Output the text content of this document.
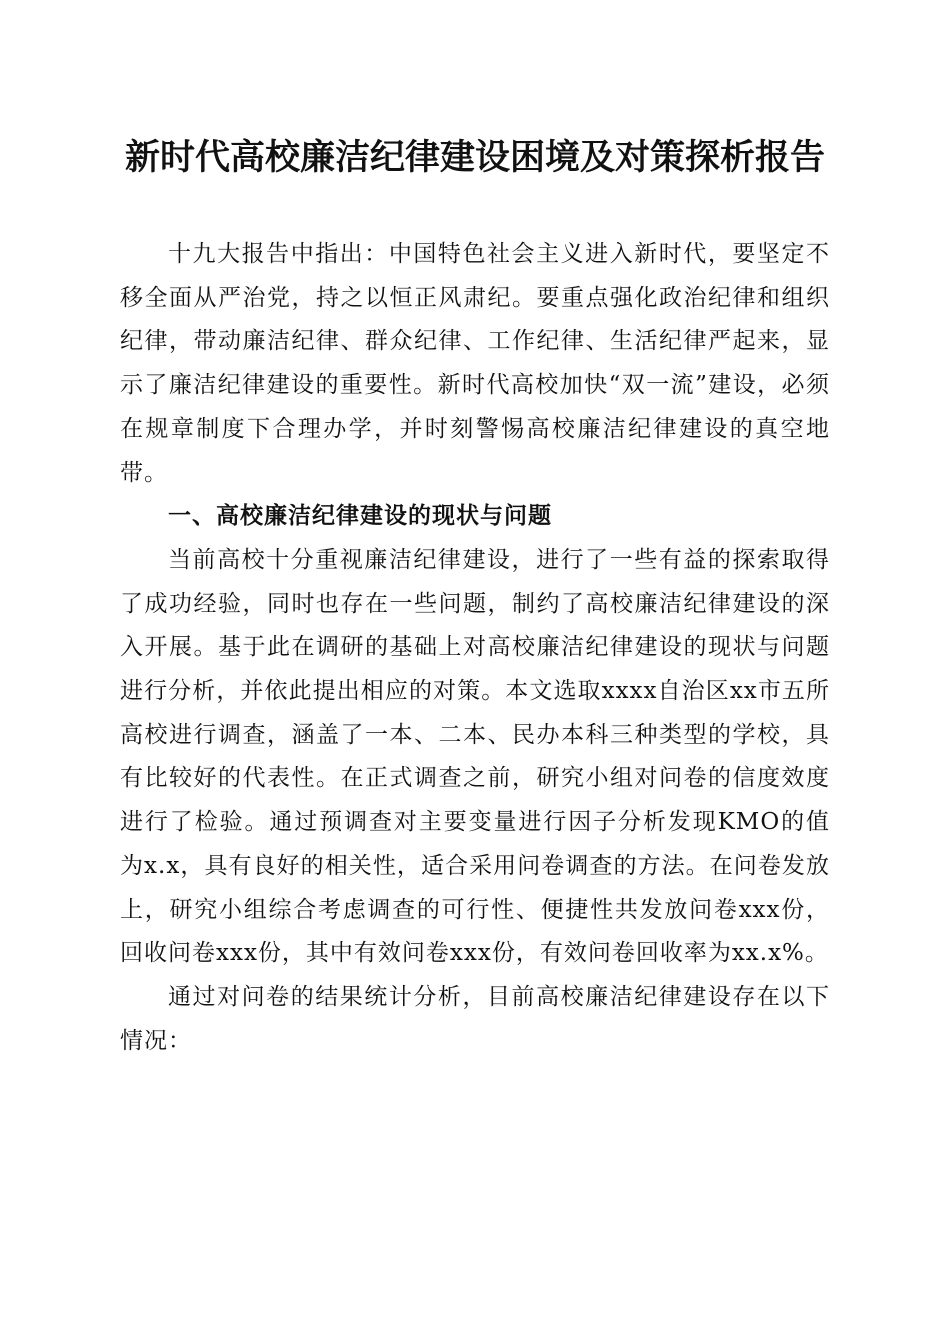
新时代高校廉洁纪律建设困境及对策探析报告

十九大报告中指出：中国特色社会主义进入新时代，要坚定不移全面从严治党，持之以恒正风肃纪。要重点强化政治纪律和组织纪律，带动廉洁纪律、群众纪律、工作纪律、生活纪律严起来，显示了廉洁纪律建设的重要性。新时代高校加快“双一流”建设，必须在规章制度下合理办学，并时刻警惕高校廉洁纪律建设的真空地带。

一、高校廉洁纪律建设的现状与问题

当前高校十分重视廉洁纪律建设，进行了一些有益的探索取得了成功经验，同时也存在一些问题，制约了高校廉洁纪律建设的深入开展。基于此在调研的基础上对高校廉洁纪律建设的现状与问题进行分析，并依此提出相应的对策。本文选取xxxx自治区xx市五所高校进行调查，涵盖了一本、二本、民办本科三种类型的学校，具有比较好的代表性。在正式调查之前，研究小组对问卷的信度效度进行了检验。通过预调查对主要变量进行因子分析发现KMO的值为x.x，具有良好的相关性，适合采用问卷调查的方法。在问卷发放上，研究小组综合考虑调查的可行性、便捷性共发放问卷xxx份，回收问卷xxx份，其中有效问卷xxx份，有效问卷回收率为xx.x%。

通过对问卷的结果统计分析，目前高校廉洁纪律建设存在以下情况：
